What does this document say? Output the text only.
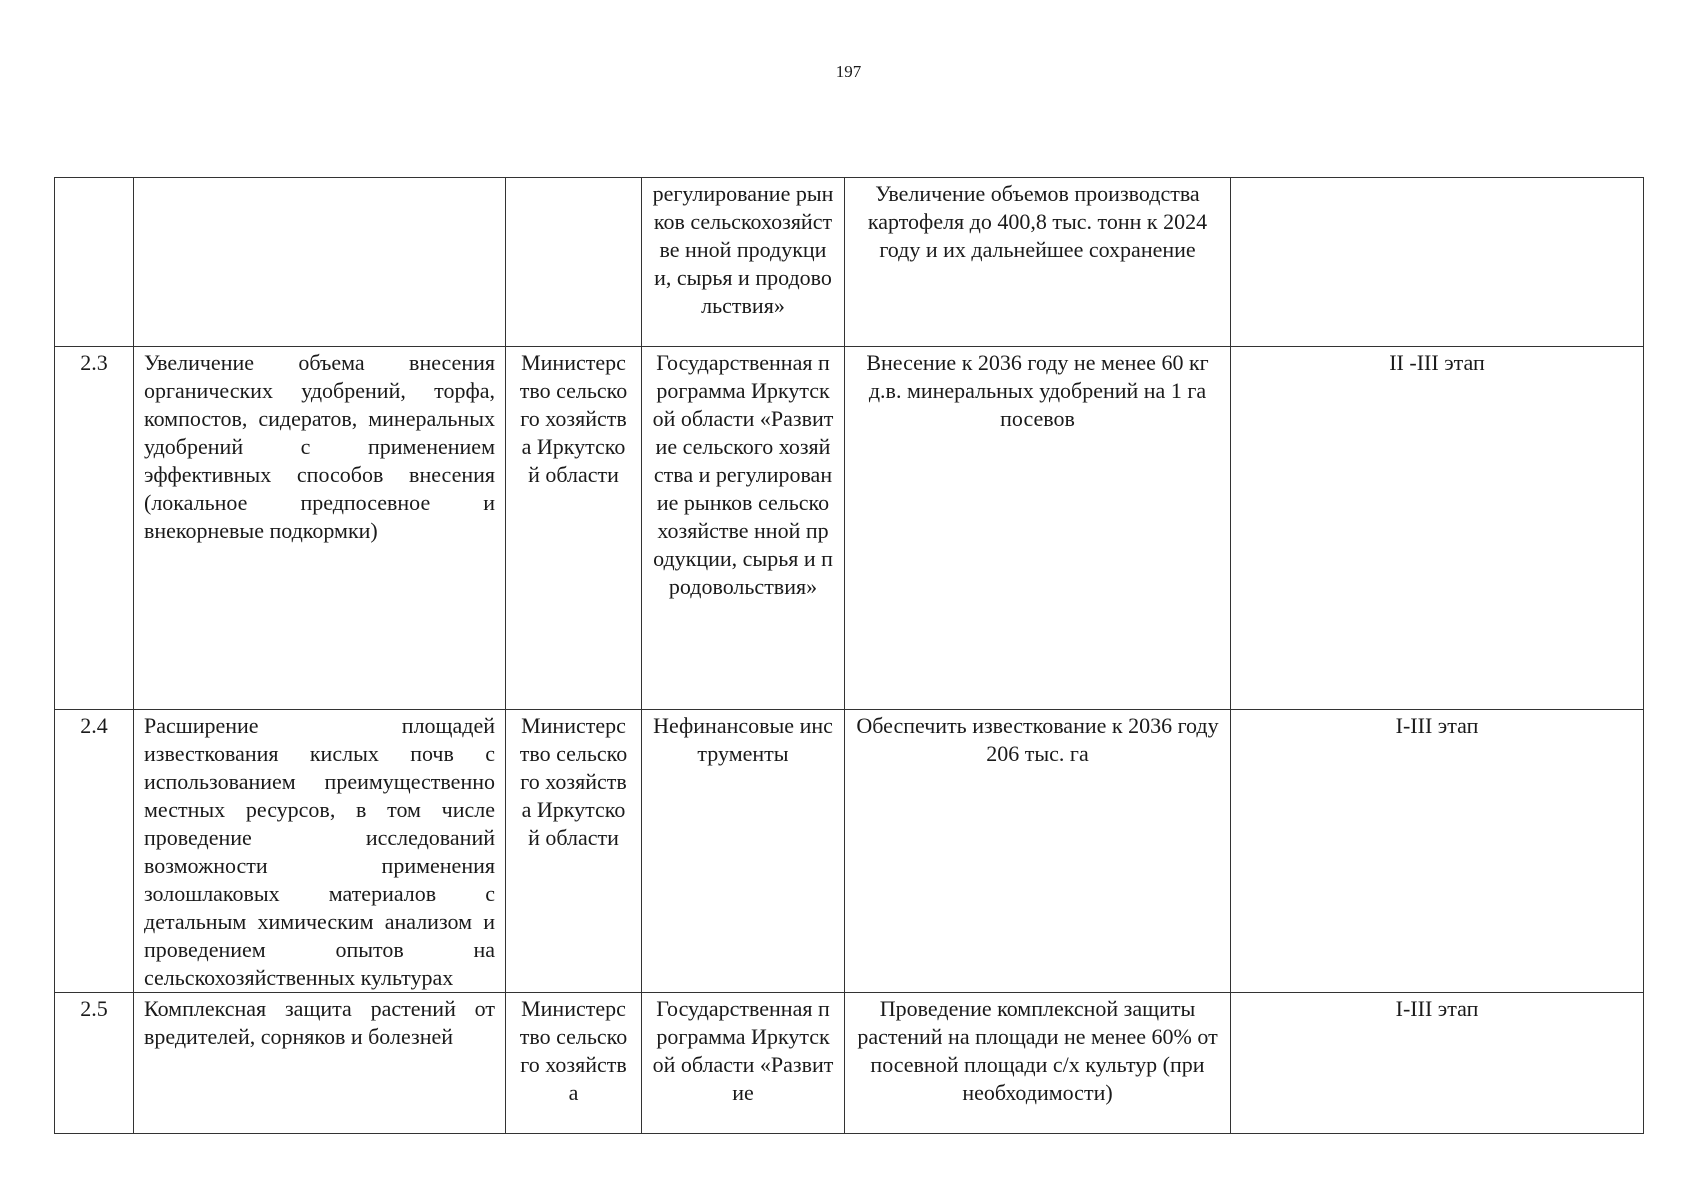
197
			регулирование рынков сельскохозяйстве нной продукции, сырья и продовольствия»	Увеличение объемов производства картофеля до 400,8 тыс. тонн к 2024 году и их дальнейшее сохранение	
2.3	Увеличение объема внесения органических удобрений, торфа, компостов, сидератов, минеральных удобрений с применением эффективных способов внесения (локальное предпосевное и внекорневые подкормки)	Министерс тво сельского хозяйства Иркутской области	Государственная программа Иркутской области «Развитие сельского хозяйства и регулирование рынков сельскохозяйстве нной продукции, сырья и продовольствия»	Внесение к 2036 году не менее 60 кг д.в. минеральных удобрений на 1 га посевов	II -III этап
2.4	Расширение площадей известкования кислых почв с использованием преимущественно местных ресурсов, в том числе проведение исследований возможности применения золошлаковых материалов с детальным химическим анализом и проведением опытов на сельскохозяйственных культурах	Министерс тво сельского хозяйства Иркутской области	Нефинансовые инструменты	Обеспечить известкование к 2036 году 206 тыс. га	I-III этап
2.5	Комплексная защита растений от вредителей, сорняков и болезней	Министерс тво сельского хозяйства	Государственная программа Иркутской области «Развитие	Проведение комплексной защиты растений на площади не менее 60% от посевной площади с/х культур (при необходимости)	I-III этап
